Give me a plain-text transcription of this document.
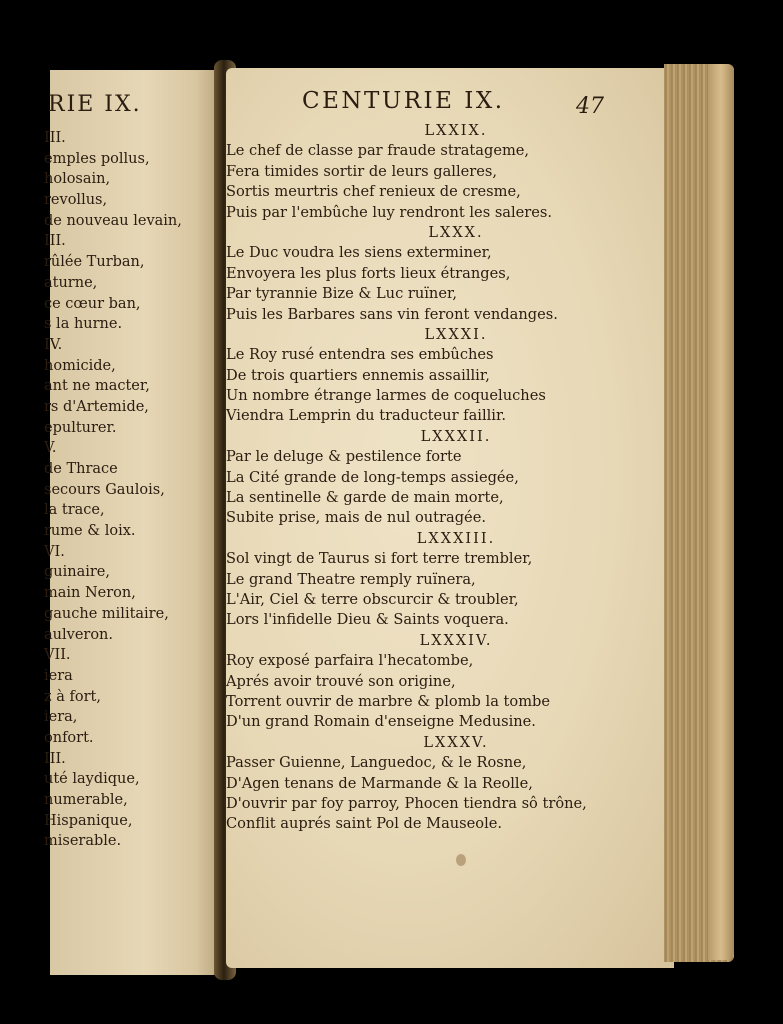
RIE IX.
III.
emples pollus,
holosain,
revollus,
de nouveau levain,
III.
rûlée Turban,
aturne,
ce cœur ban,
s la hurne.
IV.
homicide,
ant ne macter,
rs d'Artemide,
epulturer.
V.
de Thrace
secours Gaulois,
la trace,
rume & loix.
VI.
guinaire,
main Neron,
gauche militaire,
aulveron.
VII.
iera
z à fort,
iera,
onfort.
III.
uté laydique,
numerable,
Hispanique,
miserable.
CENTURIE IX.	47
LXXIX.
Le chef de classe par fraude stratageme,
Fera timides sortir de leurs galleres,
Sortis meurtris chef renieux de cresme,
Puis par l'embûche luy rendront les saleres.
LXXX.
Le Duc voudra les siens exterminer,
Envoyera les plus forts lieux étranges,
Par tyrannie Bize & Luc ruïner,
Puis les Barbares sans vin feront vendanges.
LXXXI.
Le Roy rusé entendra ses embûches
De trois quartiers ennemis assaillir,
Un nombre étrange larmes de coqueluches
Viendra Lemprin du traducteur faillir.
LXXXII.
Par le deluge & pestilence forte
La Cité grande de long-temps assiegée,
La sentinelle & garde de main morte,
Subite prise, mais de nul outragée.
LXXXIII.
Sol vingt de Taurus si fort terre trembler,
Le grand Theatre remply ruïnera,
L'Air, Ciel & terre obscurcir & troubler,
Lors l'infidelle Dieu & Saints voquera.
LXXXIV.
Roy exposé parfaira l'hecatombe,
Aprés avoir trouvé son origine,
Torrent ouvrir de marbre & plomb la tombe
D'un grand Romain d'enseigne Medusine.
LXXXV.
Passer Guienne, Languedoc, & le Rosne,
D'Agen tenans de Marmande & la Reolle,
D'ouvrir par foy parroy, Phocen tiendra sô trône,
Conflit auprés saint Pol de Mauseole.
